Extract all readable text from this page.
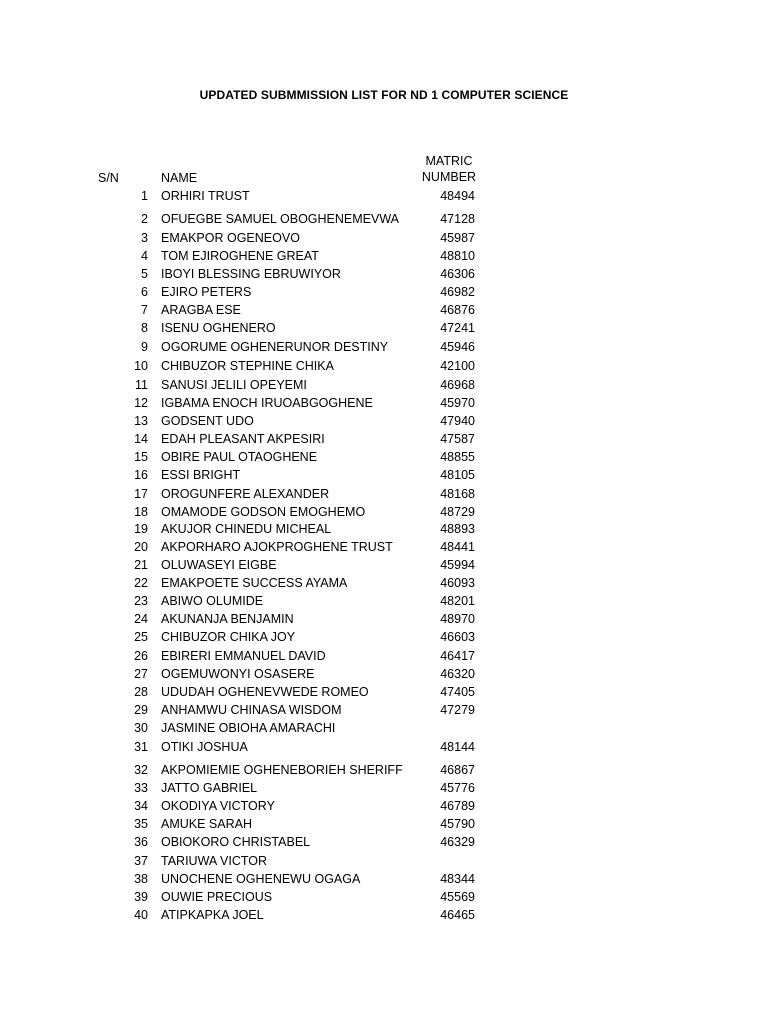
UPDATED SUBMMISSION LIST FOR ND 1 COMPUTER SCIENCE
S/N	NAME
MATRIC
NUMBER
1 ORHIRI TRUST	48494
2 OFUEGBE SAMUEL OBOGHENEMEVWA	47128
3 EMAKPOR OGENEOVO	45987
4 TOM EJIROGHENE GREAT	48810
5 IBOYI BLESSING EBRUWIYOR	46306
6 EJIRO PETERS	46982
7 ARAGBA ESE	46876
8 ISENU OGHENERO	47241
9 OGORUME OGHENERUNOR DESTINY	45946
10 CHIBUZOR STEPHINE CHIKA	42100
11 SANUSI JELILI OPEYEMI	46968
12 IGBAMA ENOCH IRUOABGOGHENE	45970
13 GODSENT UDO	47940
14 EDAH PLEASANT AKPESIRI	47587
15 OBIRE PAUL OTAOGHENE	48855
16 ESSI BRIGHT	48105
17 OROGUNFERE ALEXANDER	48168
18 OMAMODE GODSON EMOGHEMO	48729
19 AKUJOR CHINEDU MICHEAL	48893
20 AKPORHARO AJOKPROGHENE TRUST	48441
21 OLUWASEYI EIGBE	45994
22 EMAKPOETE SUCCESS AYAMA	46093
23 ABIWO OLUMIDE	48201
24 AKUNANJA BENJAMIN	48970
25 CHIBUZOR CHIKA JOY	46603
26 EBIRERI EMMANUEL DAVID	46417
27 OGEMUWONYI OSASERE	46320
28 UDUDAH OGHENEVWEDE ROMEO	47405
29 ANHAMWU CHINASA WISDOM	47279
30 JASMINE OBIOHA AMARACHI
31 OTIKI JOSHUA	48144
32 AKPOMIEMIE OGHENEBORIEH SHERIFF	46867
33 JATTO GABRIEL	45776
34 OKODIYA VICTORY	46789
35 AMUKE SARAH	45790
36 OBIOKORO CHRISTABEL	46329
37 TARIUWA VICTOR
38 UNOCHENE OGHENEWU OGAGA	48344
39 OUWIE PRECIOUS	45569
40 ATIPKAPKA JOEL	46465
